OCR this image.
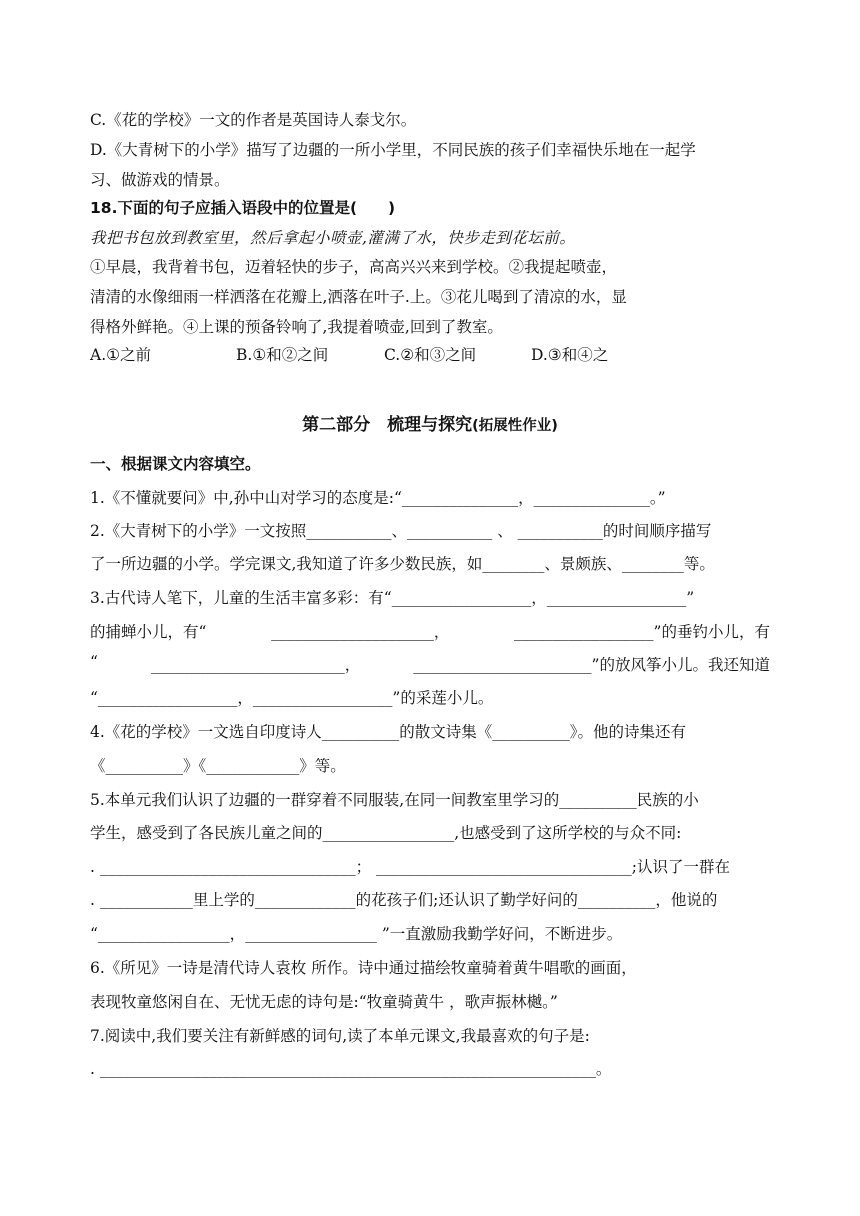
C.《花的学校》一文的作者是英国诗人泰戈尔。
D.《大青树下的小学》描写了边疆的一所小学里，不同民族的孩子们幸福快乐地在一起学
习、做游戏的情景。
18.下面的句子应插入语段中的位置是(　　)
我把书包放到教室里，然后拿起小喷壶,灌满了水，快步走到花坛前。
①早晨，我背着书包，迈着轻快的步子，高高兴兴来到学校。②我提起喷壶，
清清的水像细雨一样洒落在花瓣上,洒落在叶子.上。③花儿喝到了清凉的水，显
得格外鲜艳。④上课的预备铃响了,我提着喷壶,回到了教室。
A.①之前	B.①和②之间	C.②和③之间	D.③和④之
第二部分　梳理与探究(拓展性作业)
一、根据课文内容填空。
1.《不懂就要问》中,孙中山对学习的态度是:“_______________，_______________。”
2.《大青树下的小学》一文按照___________、___________ 、 ___________的时间顺序描写
了一所边疆的小学。学完课文,我知道了许多少数民族，如________、景颇族、________等。
3.古代诗人笔下，儿童的生活丰富多彩：有“__________________，__________________”
的捕蝉小儿，有“	_____________________，	__________________”的垂钓小儿，有
“	_________________________，	_______________________”的放风筝小儿。我还知道
“__________________，__________________”的采莲小儿。
4.《花的学校》一文选自印度诗人__________的散文诗集《__________》。他的诗集还有
《__________》《____________》等。
5.本单元我们认识了边疆的一群穿着不同服装,在同一间教室里学习的__________民族的小
学生，感受到了各民族儿童之间的_________________,也感受到了这所学校的与众不同:
. _________________________________； _________________________________;认识了一群在
. ____________里上学的_____________的花孩子们;还认识了勤学好问的__________，他说的
“_________________，_________________ ”一直激励我勤学好问，不断进步。
6.《所见》一诗是清代诗人袁枚 所作。诗中通过描绘牧童骑着黄牛唱歌的画面，
表现牧童悠闲自在、无忧无虑的诗句是:“牧童骑黄牛 ，歌声振林樾。”
7.阅读中,我们要关注有新鲜感的词句,读了本单元课文,我最喜欢的句子是:
. ________________________________________________________________。
